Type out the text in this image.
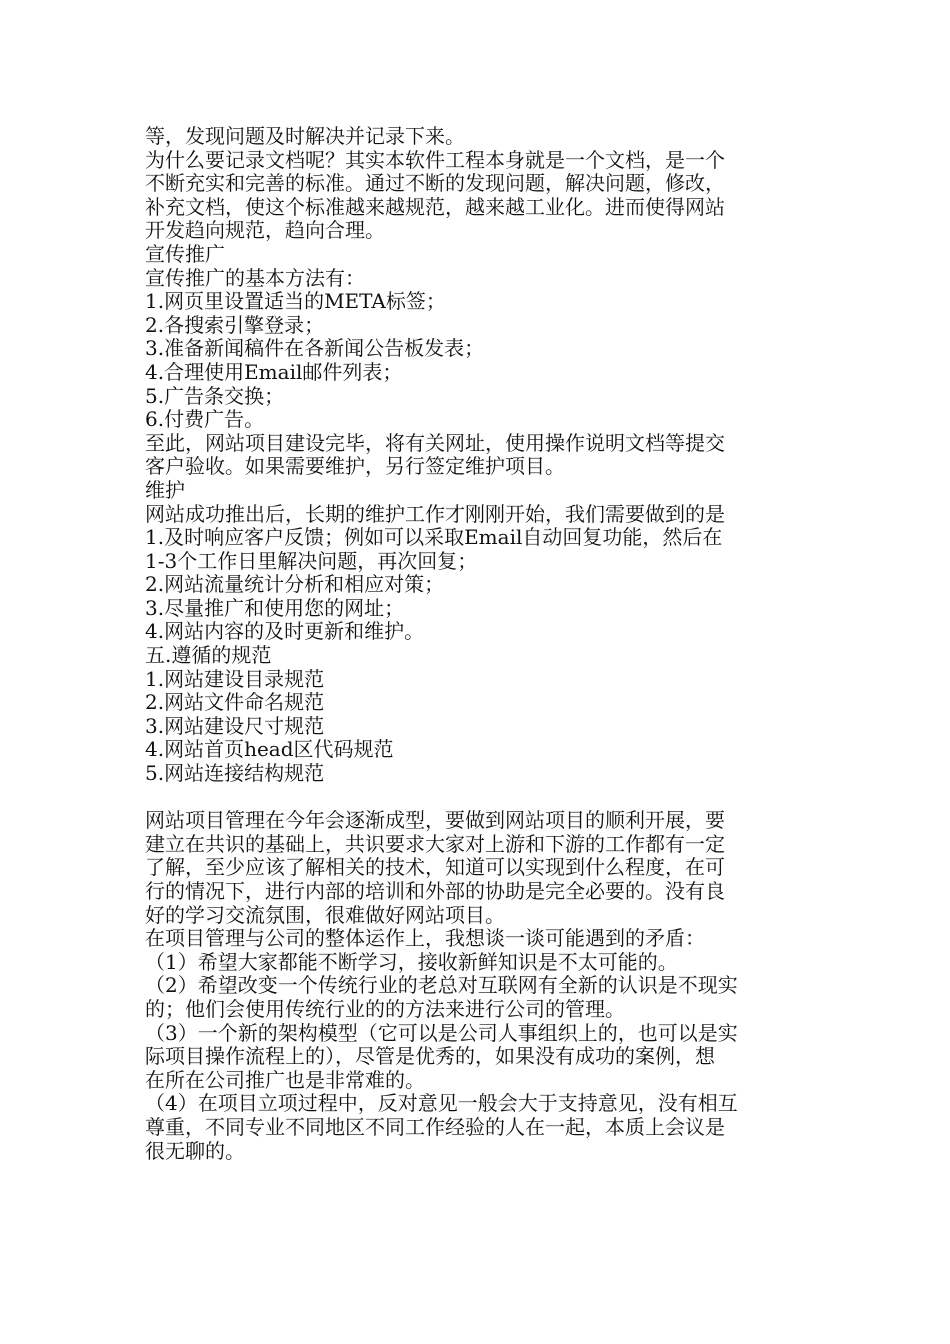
等，发现问题及时解决并记录下来。
为什么要记录文档呢？其实本软件工程本身就是一个文档，是一个
不断充实和完善的标准。通过不断的发现问题，解决问题，修改，
补充文档，使这个标准越来越规范，越来越工业化。进而使得网站
开发趋向规范，趋向合理。
宣传推广
宣传推广的基本方法有：
1.网页里设置适当的META标签；
2.各搜索引擎登录；
3.准备新闻稿件在各新闻公告板发表；
4.合理使用Email邮件列表；
5.广告条交换；
6.付费广告。
至此，网站项目建设完毕，将有关网址，使用操作说明文档等提交
客户验收。如果需要维护，另行签定维护项目。
维护
网站成功推出后，长期的维护工作才刚刚开始，我们需要做到的是
1.及时响应客户反馈；例如可以采取Email自动回复功能，然后在
1-3个工作日里解决问题，再次回复；
2.网站流量统计分析和相应对策；
3.尽量推广和使用您的网址；
4.网站内容的及时更新和维护。
五.遵循的规范
1.网站建设目录规范
2.网站文件命名规范
3.网站建设尺寸规范
4.网站首页head区代码规范
5.网站连接结构规范
网站项目管理在今年会逐渐成型，要做到网站项目的顺利开展，要
建立在共识的基础上，共识要求大家对上游和下游的工作都有一定
了解，至少应该了解相关的技术，知道可以实现到什么程度，在可
行的情况下，进行内部的培训和外部的协助是完全必要的。没有良
好的学习交流氛围，很难做好网站项目。
在项目管理与公司的整体运作上，我想谈一谈可能遇到的矛盾：
（1）希望大家都能不断学习，接收新鲜知识是不太可能的。
（2）希望改变一个传统行业的老总对互联网有全新的认识是不现实
的；他们会使用传统行业的的方法来进行公司的管理。
（3）一个新的架构模型（它可以是公司人事组织上的，也可以是实
际项目操作流程上的），尽管是优秀的，如果没有成功的案例，想
在所在公司推广也是非常难的。
（4）在项目立项过程中，反对意见一般会大于支持意见，没有相互
尊重，不同专业不同地区不同工作经验的人在一起，本质上会议是
很无聊的。
